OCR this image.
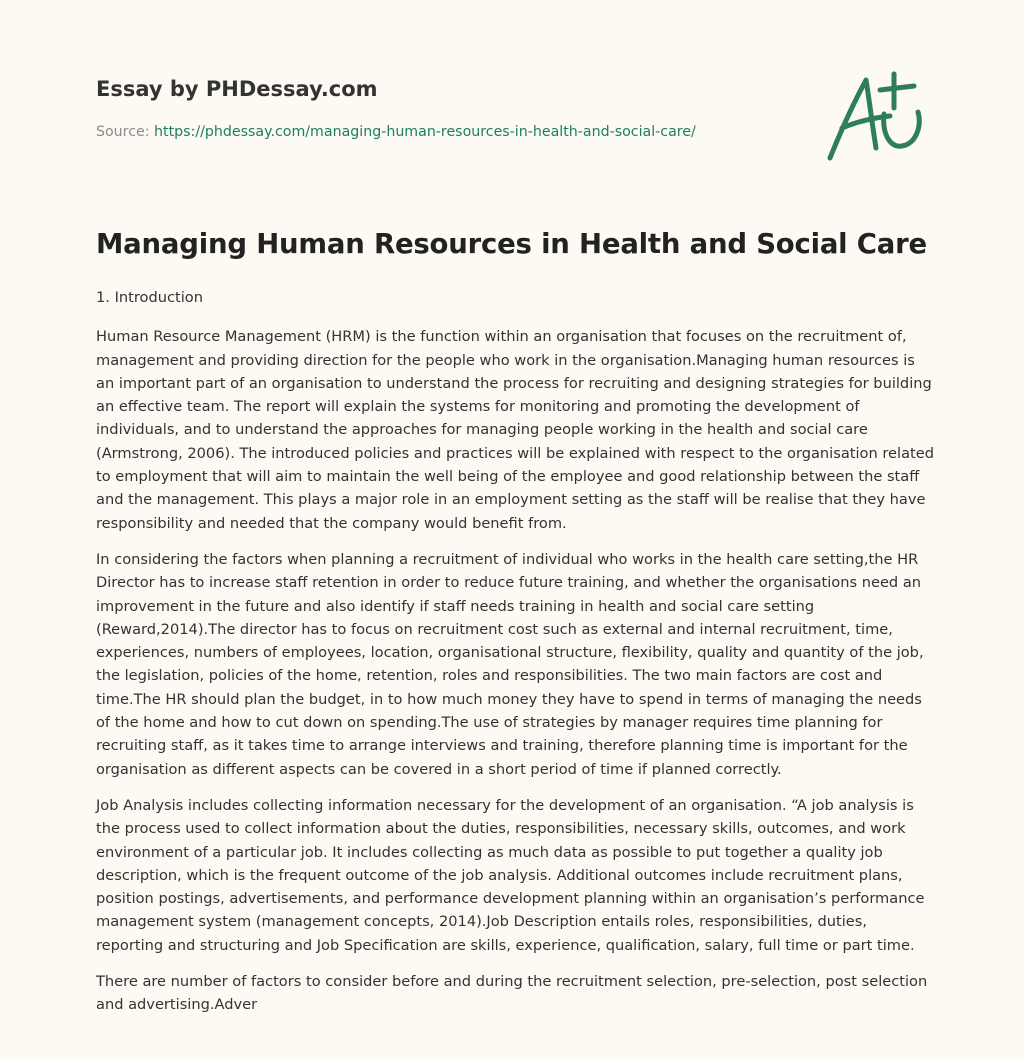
Essay by PHDessay.com
Source: https://phdessay.com/managing-human-resources-in-health-and-social-care/
Managing Human Resources in Health and Social Care

1. Introduction

Human Resource Management (HRM) is the function within an organisation that focuses on the recruitment of, management and providing direction for the people who work in the organisation.Managing human resources is an important part of an organisation to understand the process for recruiting and designing strategies for building an effective team. The report will explain the systems for monitoring and promoting the development of individuals, and to understand the approaches for managing people working in the health and social care (Armstrong, 2006). The introduced policies and practices will be explained with respect to the organisation related to employment that will aim to maintain the well being of the employee and good relationship between the staff and the management. This plays a major role in an employment setting as the staff will be realise that they have responsibility and needed that the company would benefit from.

In considering the factors when planning a recruitment of individual who works in the health care setting,the HR Director has to increase staff retention in order to reduce future training, and whether the organisations need an improvement in the future and also identify if staff needs training in health and social care setting (Reward,2014).The director has to focus on recruitment cost such as external and internal recruitment, time, experiences, numbers of employees, location, organisational structure, flexibility, quality and quantity of the job, the legislation, policies of the home, retention, roles and responsibilities. The two main factors are cost and time.The HR should plan the budget, in to how much money they have to spend in terms of managing the needs of the home and how to cut down on spending.The use of strategies by manager requires time planning for recruiting staff, as it takes time to arrange interviews and training, therefore planning time is important for the organisation as different aspects can be covered in a short period of time if planned correctly.

Job Analysis includes collecting information necessary for the development of an organisation. “A job analysis is the process used to collect information about the duties, responsibilities, necessary skills, outcomes, and work environment of a particular job. It includes collecting as much data as possible to put together a quality job description, which is the frequent outcome of the job analysis. Additional outcomes include recruitment plans, position postings, advertisements, and performance development planning within an organisation’s performance management system (management concepts, 2014).Job Description entails roles, responsibilities, duties, reporting and structuring and Job Specification are skills, experience, qualification, salary, full time or part time.

There are number of factors to consider before and during the recruitment selection, pre-selection, post selection and advertising.Adver
